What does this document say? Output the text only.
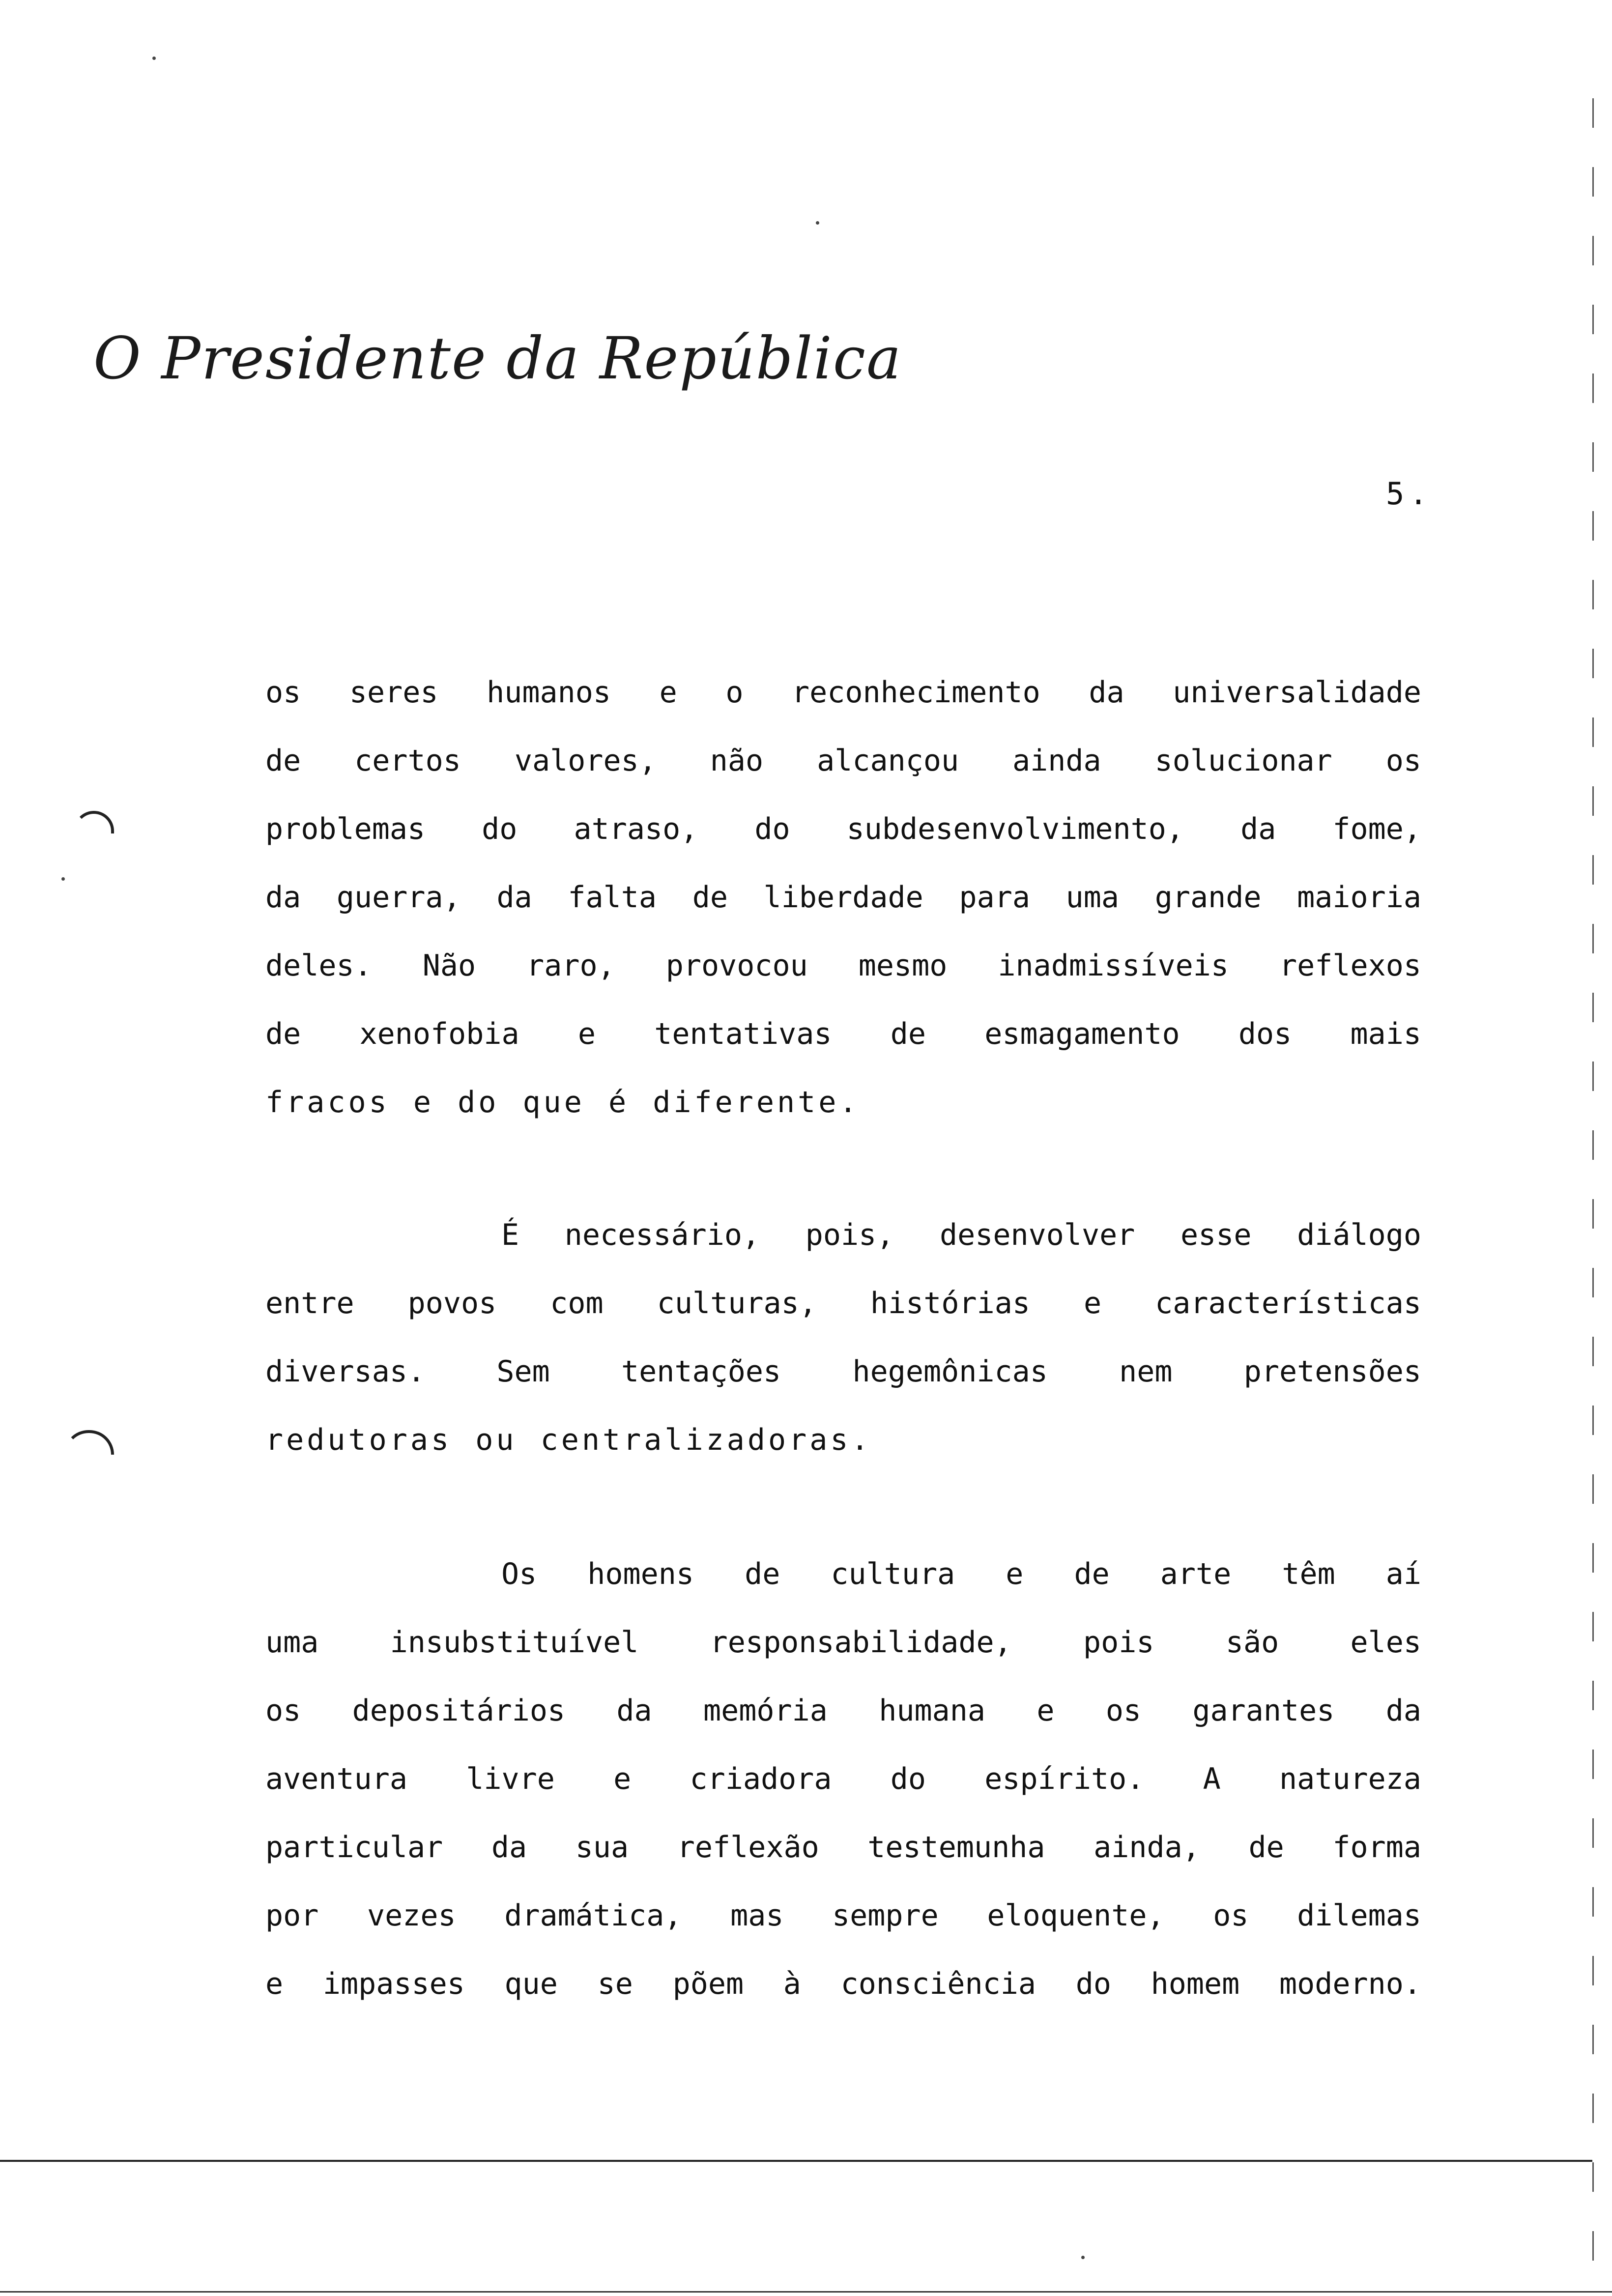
O Presidente da República
5.
os seres humanos e o reconhecimento da universalidade
de certos valores, não alcançou ainda solucionar os
problemas do atraso, do subdesenvolvimento, da fome,
da guerra, da falta de liberdade para uma grande maioria
deles. Não raro, provocou mesmo inadmissíveis reflexos
de xenofobia e tentativas de esmagamento dos mais
fracos e do que é diferente.
É necessário, pois, desenvolver esse diálogo
entre povos com culturas, histórias e características
diversas. Sem tentações hegemônicas nem pretensões
redutoras ou centralizadoras.
Os homens de cultura e de arte têm aí
uma insubstituível responsabilidade, pois são eles
os depositários da memória humana e os garantes da
aventura livre e criadora do espírito. A natureza
particular da sua reflexão testemunha ainda, de forma
por vezes dramática, mas sempre eloquente, os dilemas
e impasses que se põem à consciência do homem moderno.
